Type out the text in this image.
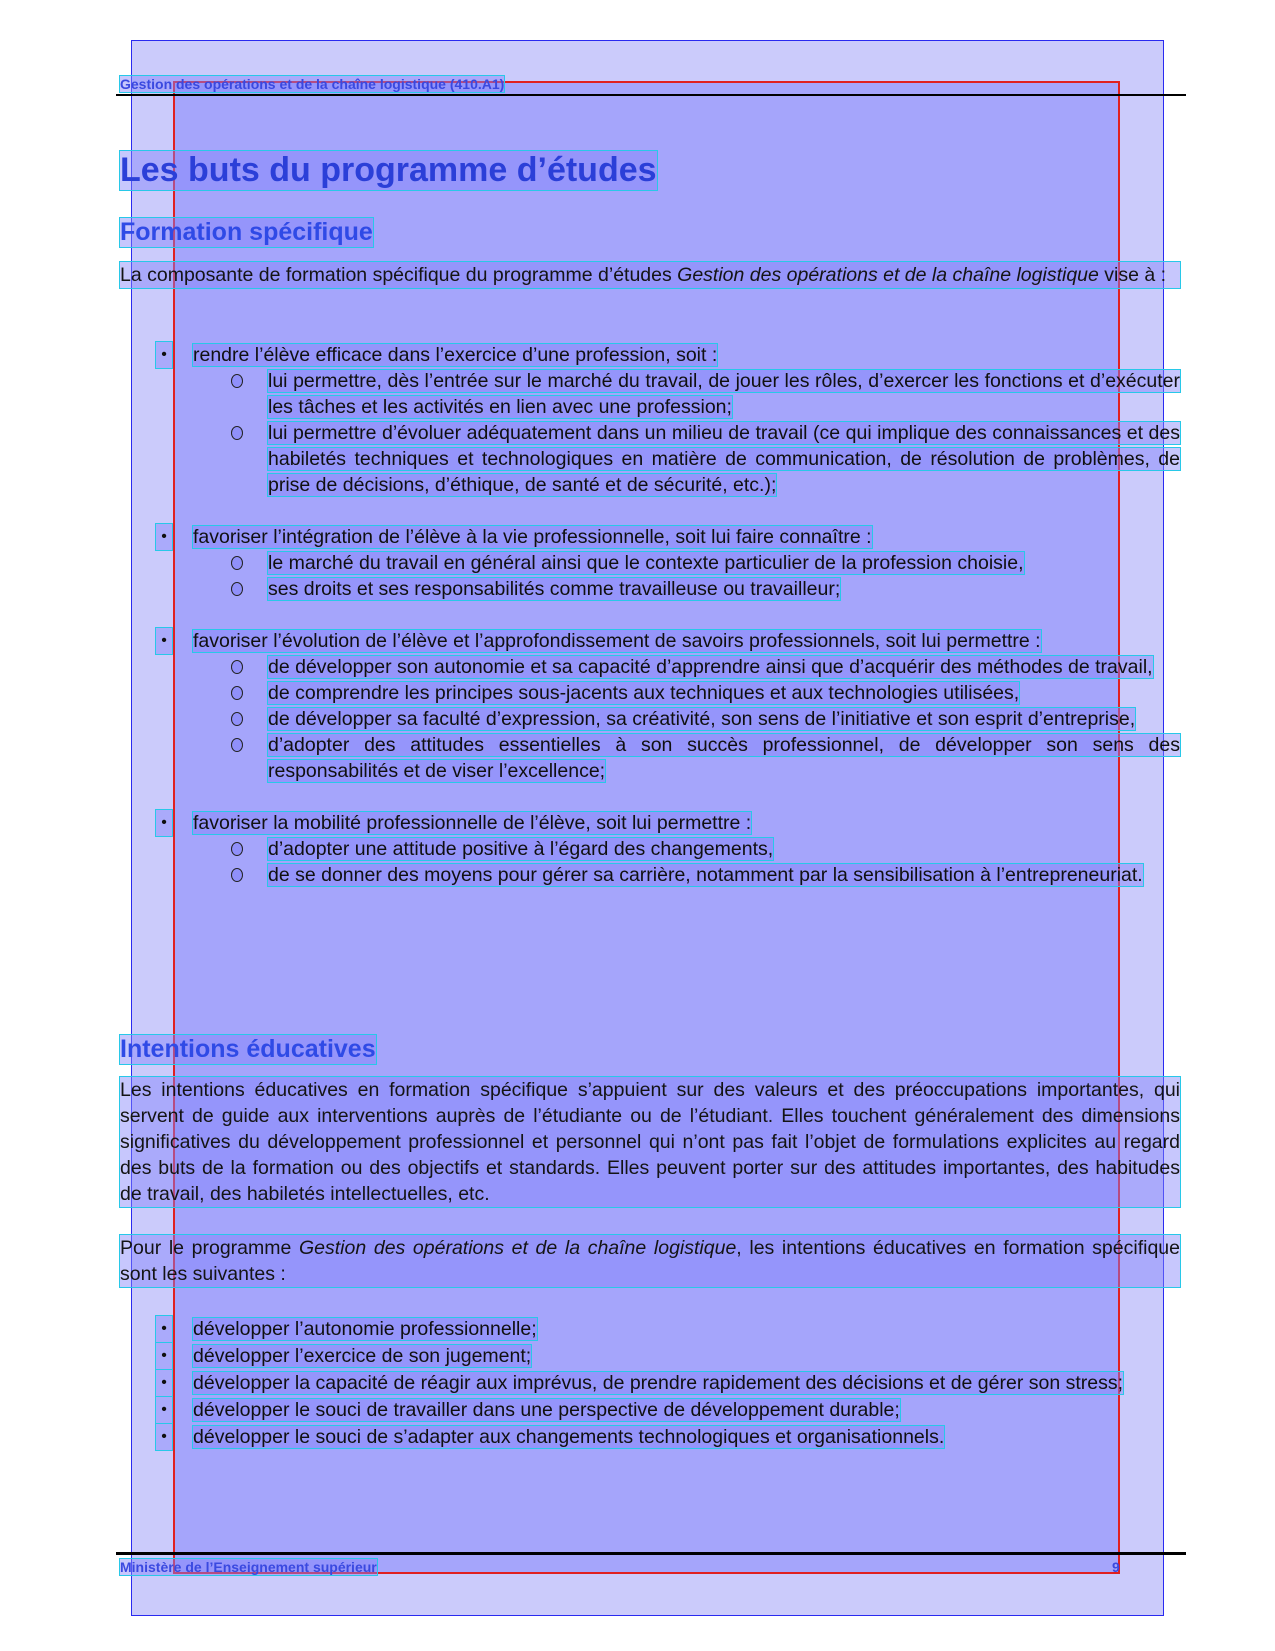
Gestion des opérations et de la chaîne logistique (410.A1)
Les buts du programme d’études
Formation spécifique

La composante de formation spécifique du programme d’études Gestion des opérations et de la chaîne logistique vise à :

• rendre l’élève efficace dans l’exercice d’une profession, soit :

lui permettre, dès l’entrée sur le marché du travail, de jouer les rôles, d’exercer les fonctions et d’exécuter les tâches et les activités en lien avec une profession;

lui permettre d’évoluer adéquatement dans un milieu de travail (ce qui implique des connaissances et des habiletés techniques et technologiques en matière de communication, de résolution de problèmes, de prise de décisions, d’éthique, de santé et de sécurité, etc.);

• favoriser l’intégration de l’élève à la vie professionnelle, soit lui faire connaître :

le marché du travail en général ainsi que le contexte particulier de la profession choisie,

ses droits et ses responsabilités comme travailleuse ou travailleur;

• favoriser l’évolution de l’élève et l’approfondissement de savoirs professionnels, soit lui permettre :

de développer son autonomie et sa capacité d’apprendre ainsi que d’acquérir des méthodes de travail,

de comprendre les principes sous-jacents aux techniques et aux technologies utilisées,

de développer sa faculté d’expression, sa créativité, son sens de l’initiative et son esprit d’entreprise,

d’adopter des attitudes essentielles à son succès professionnel, de développer son sens des responsabilités et de viser l’excellence;

• favoriser la mobilité professionnelle de l’élève, soit lui permettre :

d’adopter une attitude positive à l’égard des changements,

de se donner des moyens pour gérer sa carrière, notamment par la sensibilisation à l’entrepreneuriat.

Intentions éducatives

Les intentions éducatives en formation spécifique s’appuient sur des valeurs et des préoccupations importantes, qui servent de guide aux interventions auprès de l’étudiante ou de l’étudiant. Elles touchent généralement des dimensions significatives du développement professionnel et personnel qui n’ont pas fait l’objet de formulations explicites au regard des buts de la formation ou des objectifs et standards. Elles peuvent porter sur des attitudes importantes, des habitudes de travail, des habiletés intellectuelles, etc.

Pour le programme Gestion des opérations et de la chaîne logistique, les intentions éducatives en formation spécifique sont les suivantes :

• développer l’autonomie professionnelle;

• développer l’exercice de son jugement;

• développer la capacité de réagir aux imprévus, de prendre rapidement des décisions et de gérer son stress;

• développer le souci de travailler dans une perspective de développement durable;

• développer le souci de s’adapter aux changements technologiques et organisationnels.

Ministère de l’Enseignement supérieur	9
